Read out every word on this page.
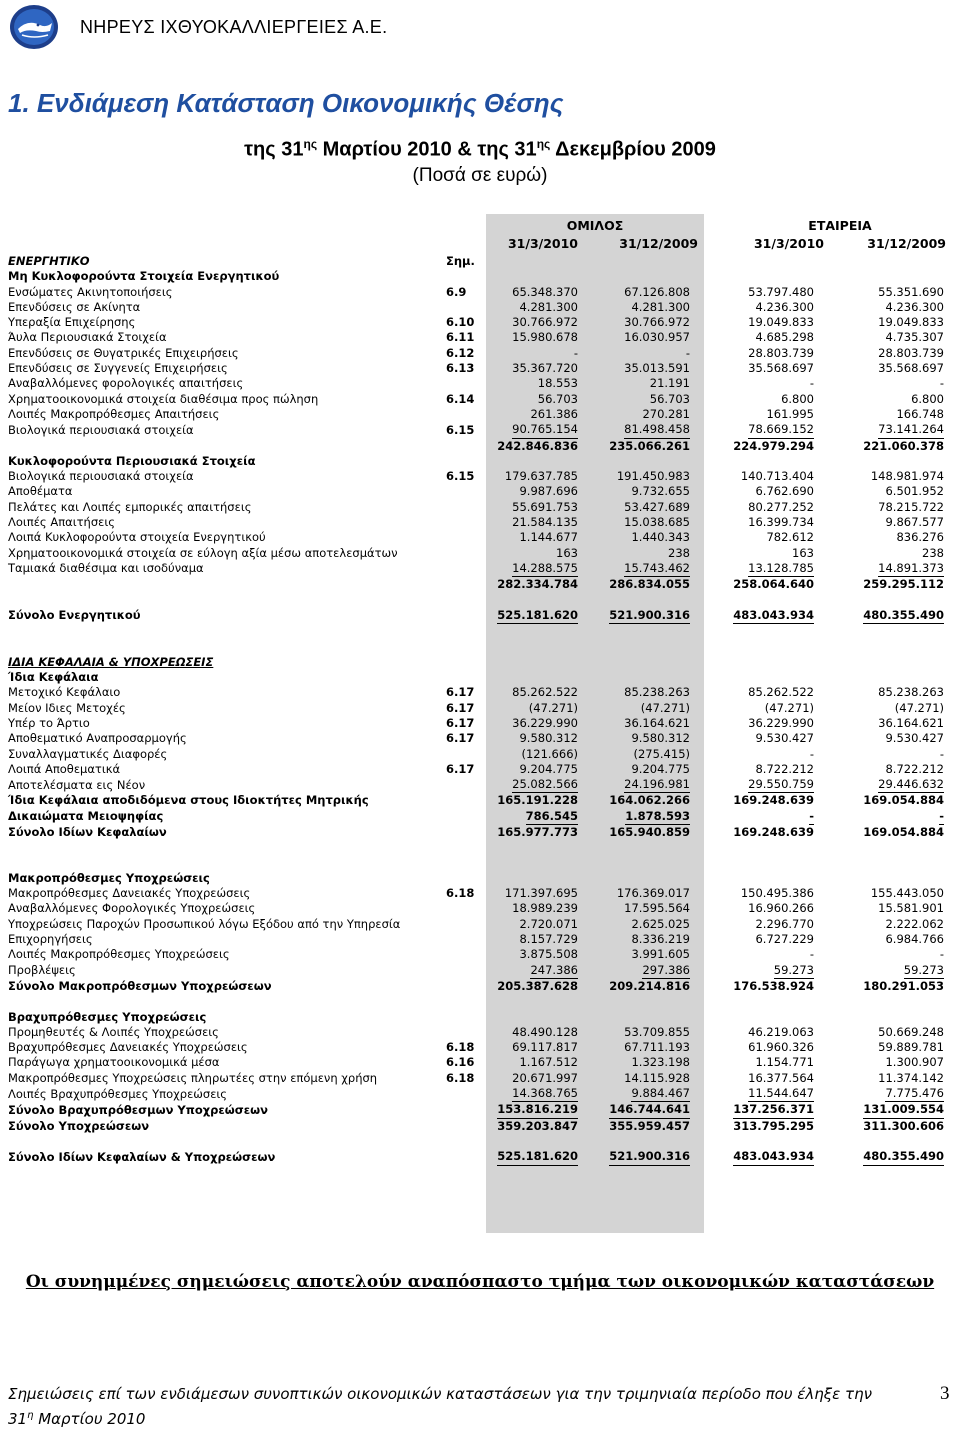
ΝΗΡΕΥΣ ΙΧΘΥΟΚΑΛΛΙΕΡΓΕΙΕΣ Α.Ε.
1. Ενδιάμεση Κατάσταση Οικονομικής Θέσης
της $31^{\eta\varsigma}$ Μαρτίου 2010 & της $31^{\eta\varsigma}$ Δεκεμβρίου 2009
(Ποσά σε ευρώ)
ΟΜΙΛΟΣ	ΕΤΑΙΡΕΙΑ
31/3/2010	31/12/2009	31/3/2010	31/12/2009
ΕΝΕΡΓΗΤΙΚΟ	Σημ.					
Μη Κυκλοφορούντα Στοιχεία Ενεργητικού						
Ενσώματες Ακινητοποιήσεις	6.9	65.348.370	67.126.808	53.797.480	55.351.690	
Επενδύσεις σε Ακίνητα		4.281.300	4.281.300	4.236.300	4.236.300	
Υπεραξία Επιχείρησης	6.10	30.766.972	30.766.972	19.049.833	19.049.833	
Άυλα Περιουσιακά Στοιχεία	6.11	15.980.678	16.030.957	4.685.298	4.735.307	
Επενδύσεις σε Θυγατρικές Επιχειρήσεις	6.12	-	-	28.803.739	28.803.739	
Επενδύσεις σε Συγγενείς Επιχειρήσεις	6.13	35.367.720	35.013.591	35.568.697	35.568.697	
Αναβαλλόμενες φορολογικές απαιτήσεις		18.553	21.191	-	-	
Χρηματοοικονομικά στοιχεία διαθέσιμα προς πώληση	6.14	56.703	56.703	6.800	6.800	
Λοιπές Μακροπρόθεσμες Απαιτήσεις		261.386	270.281	161.995	166.748	
Βιολογικά περιουσιακά στοιχεία	6.15	90.765.154	81.498.458	78.669.152	73.141.264	
		242.846.836	235.066.261	224.979.294	221.060.378	
Κυκλοφορούντα Περιουσιακά Στοιχεία						
Βιολογικά περιουσιακά στοιχεία	6.15	179.637.785	191.450.983	140.713.404	148.981.974	
Αποθέματα		9.987.696	9.732.655	6.762.690	6.501.952	
Πελάτες και Λοιπές εμπορικές απαιτήσεις		55.691.753	53.427.689	80.277.252	78.215.722	
Λοιπές Απαιτήσεις		21.584.135	15.038.685	16.399.734	9.867.577	
Λοιπά Κυκλοφορούντα στοιχεία Ενεργητικού		1.144.677	1.440.343	782.612	836.276	
Χρηματοοικονομικά στοιχεία σε εύλογη αξία μέσω αποτελεσμάτων		163	238	163	238	
Ταμιακά διαθέσιμα και ισοδύναμα		14.288.575	15.743.462	13.128.785	14.891.373	
		282.334.784	286.834.055	258.064.640	259.295.112	

Σύνολο Ενεργητικού		525.181.620	521.900.316	483.043.934	480.355.490	

ΙΔΙΑ ΚΕΦΑΛΑΙΑ & ΥΠΟΧΡΕΩΣΕΙΣ						
Ίδια Κεφάλαια						
Μετοχικό Κεφάλαιο	6.17	85.262.522	85.238.263	85.262.522	85.238.263	
Μείον Ιδιες Μετοχές	6.17	(47.271)	(47.271)	(47.271)	(47.271)	
Υπέρ το Άρτιο	6.17	36.229.990	36.164.621	36.229.990	36.164.621	
Αποθεματικό Αναπροσαρμογής	6.17	9.580.312	9.580.312	9.530.427	9.530.427	
Συναλλαγματικές Διαφορές		(121.666)	(275.415)	-	-	
Λοιπά Αποθεματικά	6.17	9.204.775	9.204.775	8.722.212	8.722.212	
Αποτελέσματα εις Νέον		25.082.566	24.196.981	29.550.759	29.446.632	
Ίδια Κεφάλαια αποδιδόμενα στους Ιδιοκτήτες Μητρικής		165.191.228	164.062.266	169.248.639	169.054.884	
Δικαιώματα Μειοψηφίας		786.545	1.878.593	-	-	
Σύνολο Ιδίων Κεφαλαίων		165.977.773	165.940.859	169.248.639	169.054.884	

Μακροπρόθεσμες Υποχρεώσεις						
Μακροπρόθεσμες Δανειακές Υποχρεώσεις	6.18	171.397.695	176.369.017	150.495.386	155.443.050	
Αναβαλλόμενες Φορολογικές Υποχρεώσεις		18.989.239	17.595.564	16.960.266	15.581.901	
Υποχρεώσεις Παροχών Προσωπικού λόγω Εξόδου από την Υπηρεσία		2.720.071	2.625.025	2.296.770	2.222.062	
Επιχορηγήσεις		8.157.729	8.336.219	6.727.229	6.984.766	
Λοιπές Μακροπρόθεσμες Υποχρεώσεις		3.875.508	3.991.605	-	-	
Προβλέψεις		247.386	297.386	59.273	59.273	
Σύνολο Μακροπρόθεσμων Υποχρεώσεων		205.387.628	209.214.816	176.538.924	180.291.053	

Βραχυπρόθεσμες Υποχρεώσεις						
Προμηθευτές & Λοιπές Υποχρεώσεις		48.490.128	53.709.855	46.219.063	50.669.248	
Βραχυπρόθεσμες Δανειακές Υποχρεώσεις	6.18	69.117.817	67.711.193	61.960.326	59.889.781	
Παράγωγα χρηματοοικονομικά μέσα	6.16	1.167.512	1.323.198	1.154.771	1.300.907	
Μακροπρόθεσμες Υποχρεώσεις πληρωτέες στην επόμενη χρήση	6.18	20.671.997	14.115.928	16.377.564	11.374.142	
Λοιπές Βραχυπρόθεσμες Υποχρεώσεις		14.368.765	9.884.467	11.544.647	7.775.476	
Σύνολο Βραχυπρόθεσμων Υποχρεώσεων		153.816.219	146.744.641	137.256.371	131.009.554	
Σύνολο Υποχρεώσεων		359.203.847	355.959.457	313.795.295	311.300.606	

Σύνολο Ιδίων Κεφαλαίων & Υποχρεώσεων		525.181.620	521.900.316	483.043.934	480.355.490	
Οι συνημμένες σημειώσεις αποτελούν αναπόσπαστο τμήμα των οικονομικών καταστάσεων
Σημειώσεις επί των ενδιάμεσων συνοπτικών οικονομικών καταστάσεων για την τριμηνιαία περίοδο που έληξε την
$31^\eta$ Μαρτίου 2010
3
